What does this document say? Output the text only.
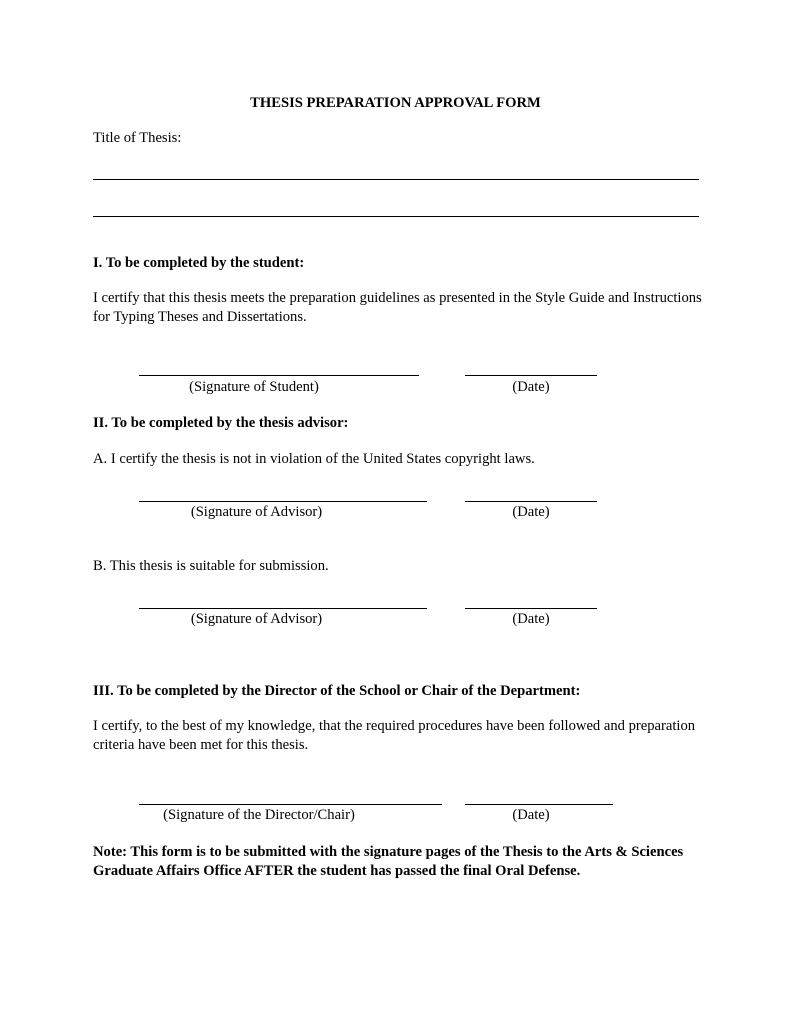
THESIS PREPARATION APPROVAL FORM
Title of Thesis:
I. To be completed by the student:
I certify that this thesis meets the preparation guidelines as presented in the Style Guide and Instructions for Typing Theses and Dissertations.
(Signature of Student)	(Date)
II. To be completed by the thesis advisor:
A. I certify the thesis is not in violation of the United States copyright laws.
(Signature of Advisor)	(Date)
B. This thesis is suitable for submission.
(Signature of Advisor)	(Date)
III. To be completed by the Director of the School or Chair of the Department:
I certify, to the best of my knowledge, that the required procedures have been followed and preparation criteria have been met for this thesis.
(Signature of the Director/Chair)	(Date)
Note: This form is to be submitted with the signature pages of the Thesis to the Arts & Sciences Graduate Affairs Office AFTER the student has passed the final Oral Defense.
